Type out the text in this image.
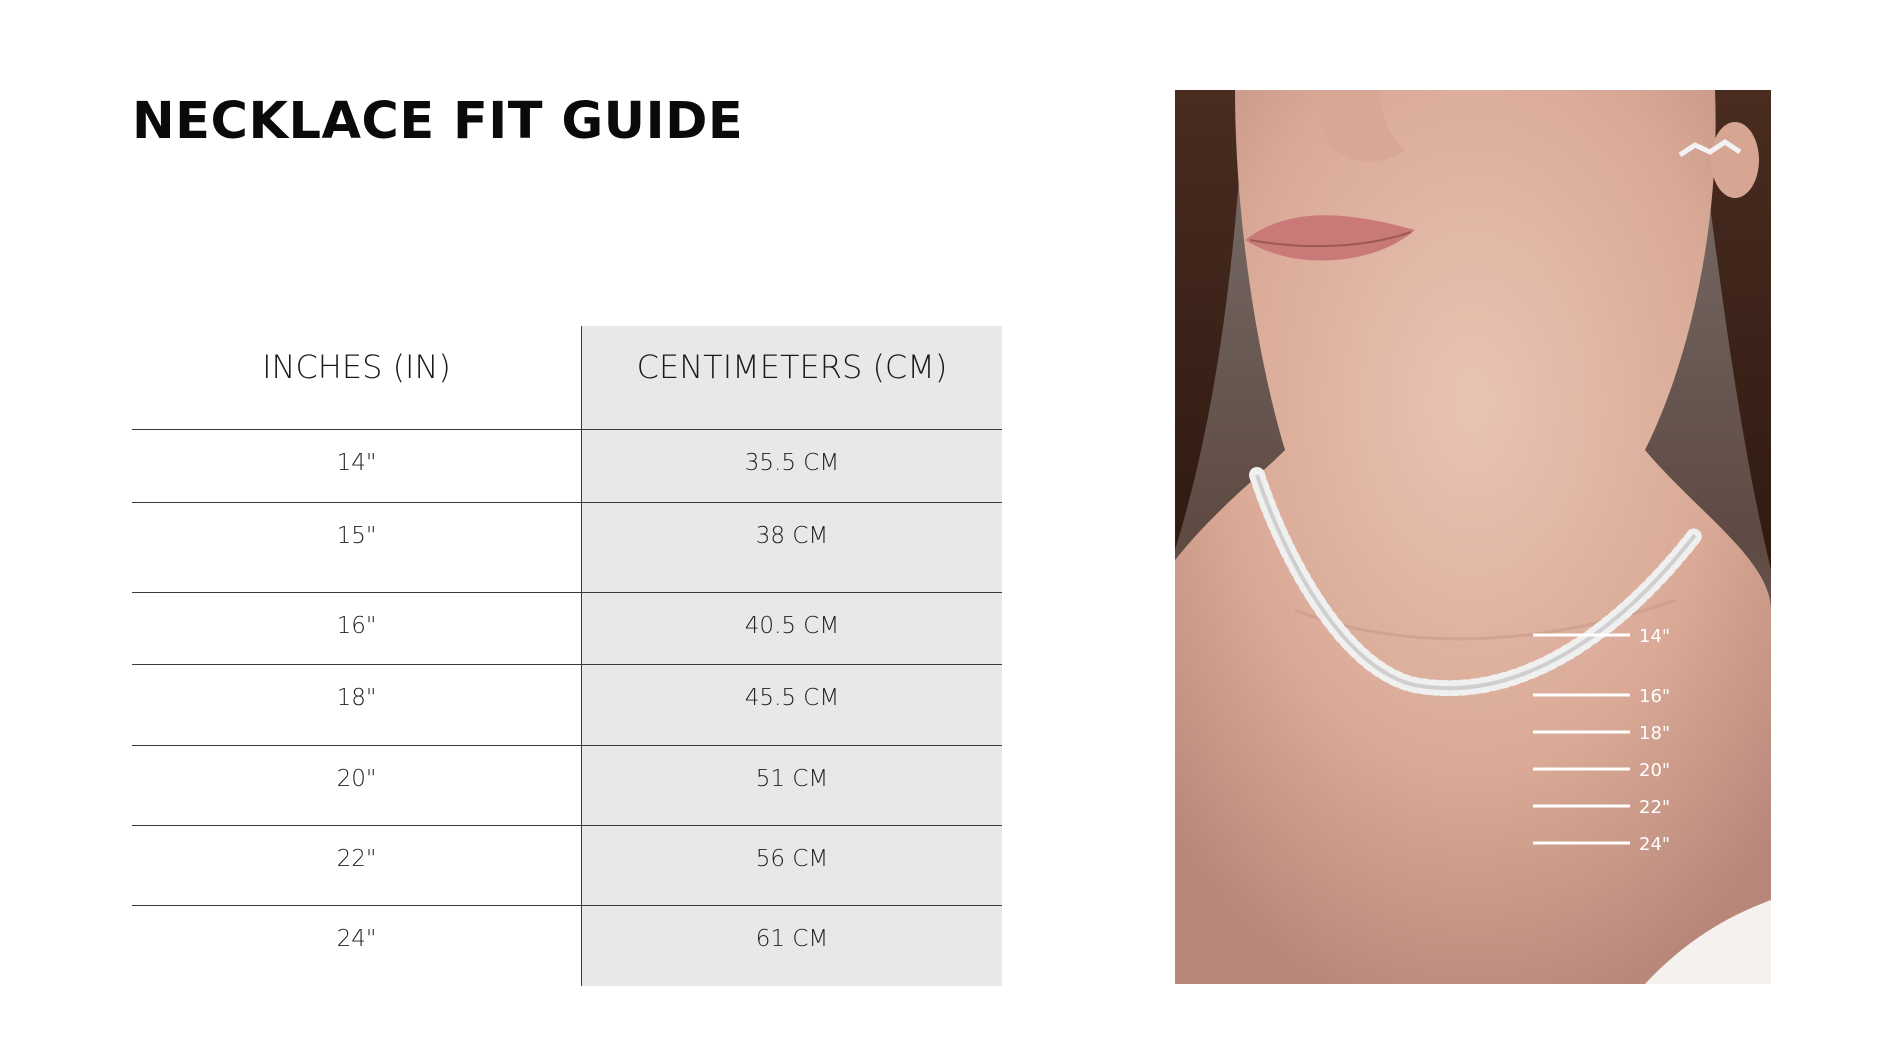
NECKLACE FIT GUIDE
INCHES (IN)	CENTIMETERS (CM)
14"	35.5 CM
15"	38 CM
16"	40.5 CM
18"	45.5 CM
20"	51 CM
22"	56 CM
24"	61 CM
14"
16"
18"
20"
22"
24"
